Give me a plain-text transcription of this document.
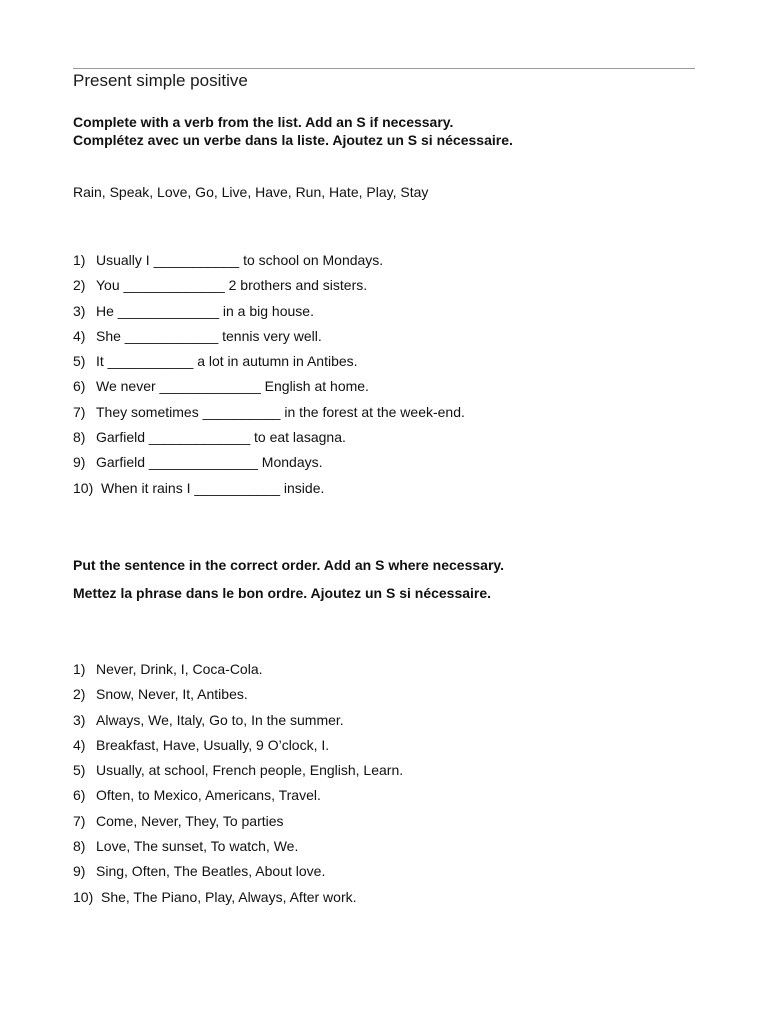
Present simple positive

Complete with a verb from the list. Add an S if necessary.

Complétez avec un verbe dans la liste. Ajoutez un S si nécessaire.

Rain, Speak, Love, Go, Live, Have, Run, Hate, Play, Stay

1) Usually I ___________ to school on Mondays.
2) You _____________ 2 brothers and sisters.
3) He _____________ in a big house.
4) She ____________ tennis very well.
5) It ___________ a lot in autumn in Antibes.
6) We never _____________ English at home.
7) They sometimes __________ in the forest at the week-end.
8) Garfield _____________ to eat lasagna.
9) Garfield ______________ Mondays.
10) When it rains I ___________ inside.

Put the sentence in the correct order. Add an S where necessary.

Mettez la phrase dans le bon ordre. Ajoutez un S si nécessaire.

1) Never, Drink, I, Coca-Cola.
2) Snow, Never, It, Antibes.
3) Always, We, Italy, Go to, In the summer.
4) Breakfast, Have, Usually, 9 O’clock, I.
5) Usually, at school, French people, English, Learn.
6) Often, to Mexico, Americans, Travel.
7) Come, Never, They, To parties
8) Love, The sunset, To watch, We.
9) Sing, Often, The Beatles, About love.
10) She, The Piano, Play, Always, After work.
